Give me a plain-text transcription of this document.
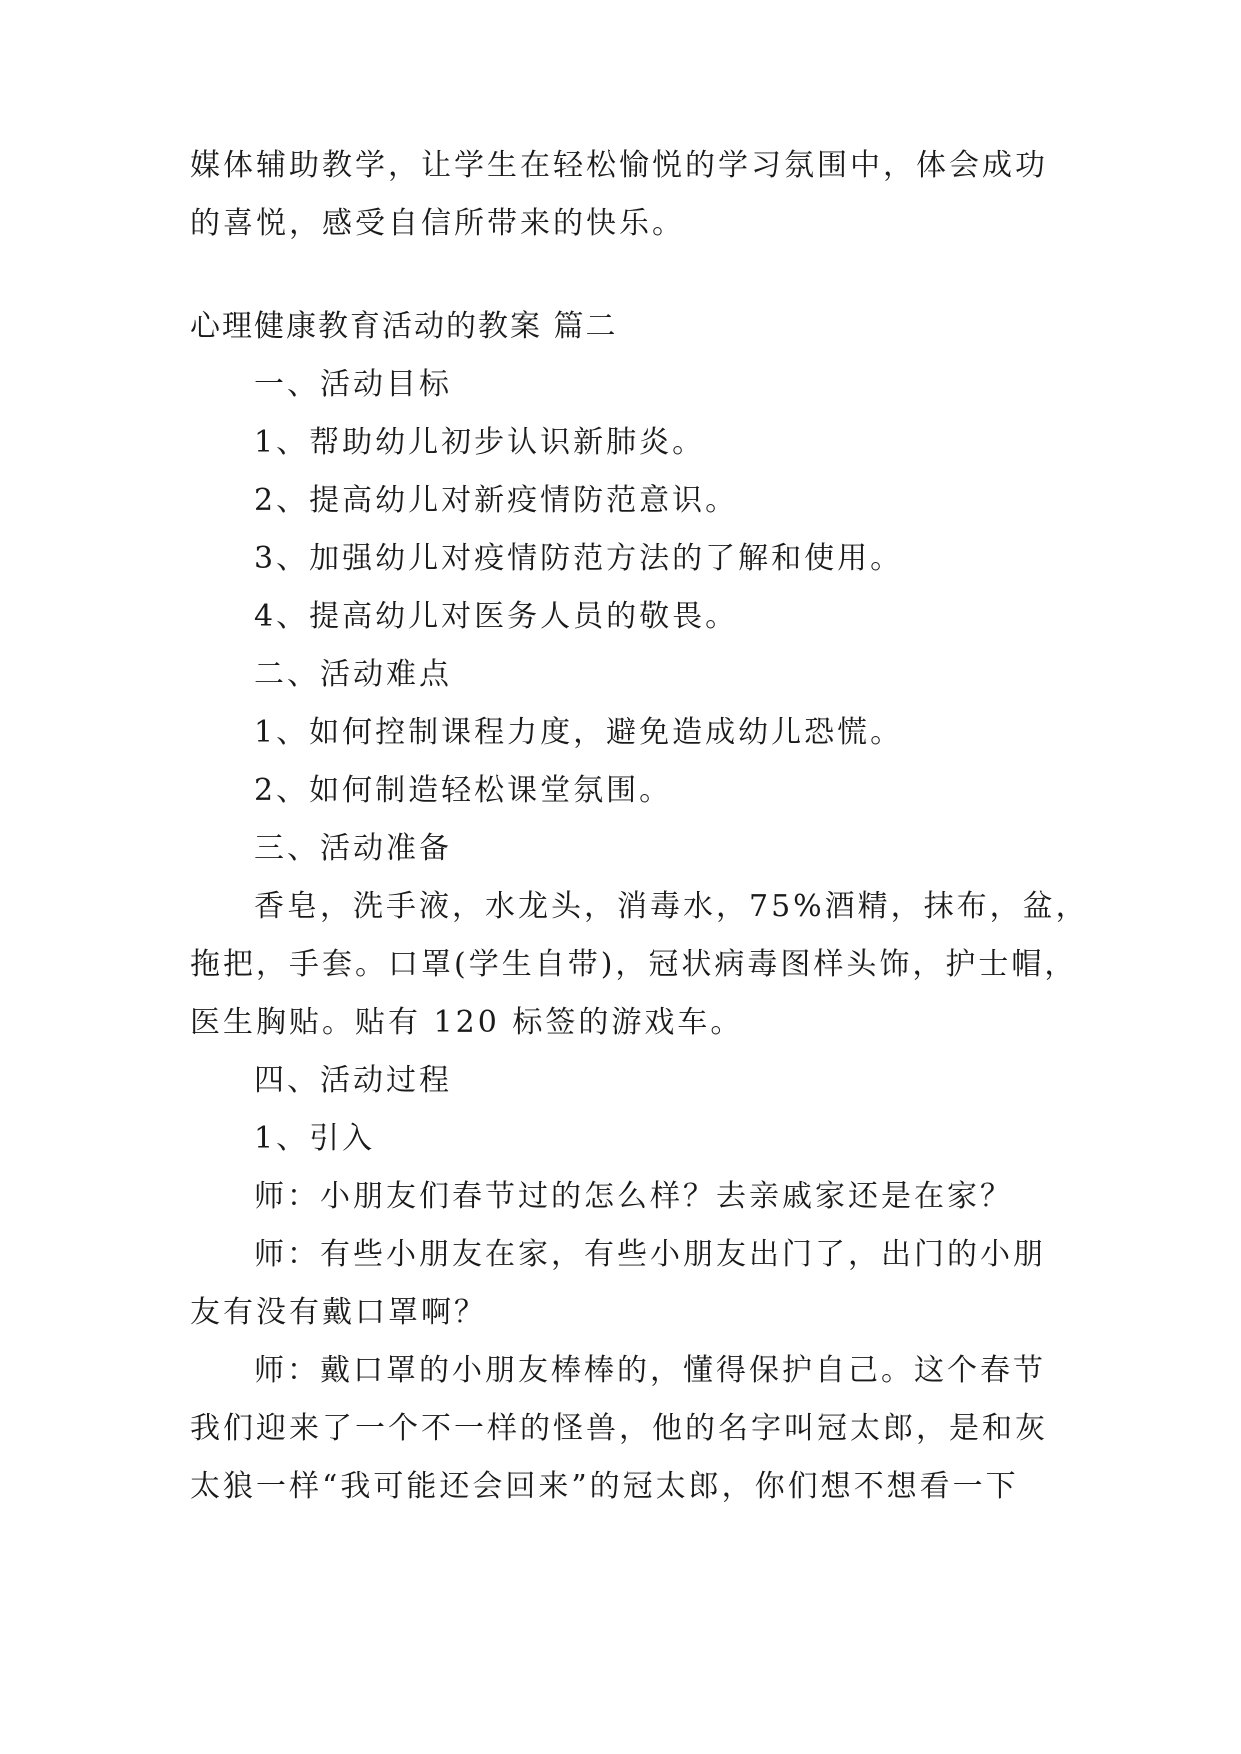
媒体辅助教学，让学生在轻松愉悦的学习氛围中，体会成功
的喜悦，感受自信所带来的快乐。
心理健康教育活动的教案 篇二
一、活动目标
1、帮助幼儿初步认识新肺炎。
2、提高幼儿对新疫情防范意识。
3、加强幼儿对疫情防范方法的了解和使用。
4、提高幼儿对医务人员的敬畏。
二、活动难点
1、如何控制课程力度，避免造成幼儿恐慌。
2、如何制造轻松课堂氛围。
三、活动准备
香皂，洗手液，水龙头，消毒水，75%酒精，抹布，盆，
拖把，手套。口罩(学生自带)，冠状病毒图样头饰，护士帽，
医生胸贴。贴有 120 标签的游戏车。
四、活动过程
1、引入
师：小朋友们春节过的怎么样？去亲戚家还是在家？
师：有些小朋友在家，有些小朋友出门了，出门的小朋
友有没有戴口罩啊？
师：戴口罩的小朋友棒棒的，懂得保护自己。这个春节
我们迎来了一个不一样的怪兽，他的名字叫冠太郎，是和灰
太狼一样“我可能还会回来”的冠太郎，你们想不想看一下
